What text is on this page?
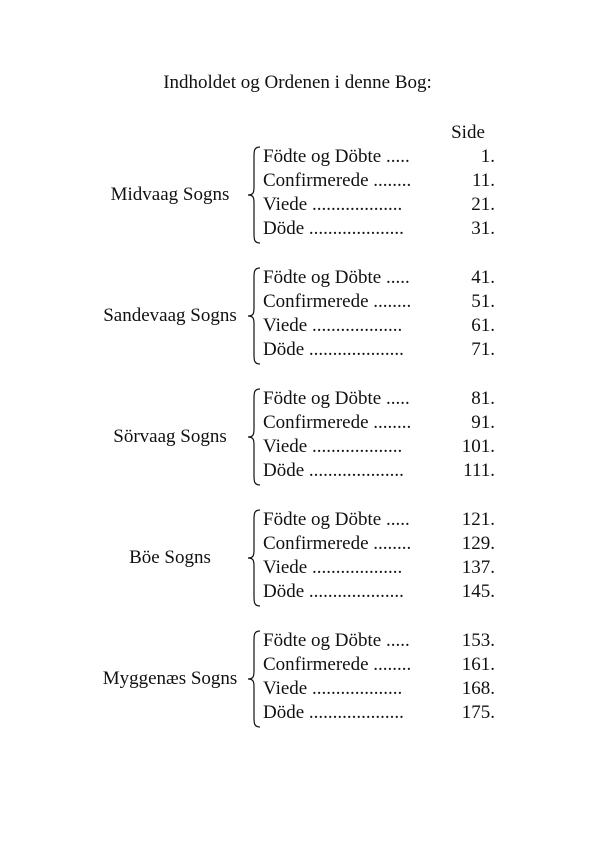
Indholdet og Ordenen i denne Bog:
Side
Midvaag Sogns
Födte og Döbte .....	1.
Confirmerede ........	11.
Viede ...................	21.
Döde ....................	31.
Sandevaag Sogns
Födte og Döbte .....	41.
Confirmerede ........	51.
Viede ...................	61.
Döde ....................	71.
Sörvaag Sogns
Födte og Döbte .....	81.
Confirmerede ........	91.
Viede ...................	101.
Döde ....................	111.
Böe Sogns
Födte og Döbte .....	121.
Confirmerede ........	129.
Viede ...................	137.
Döde ....................	145.
Myggenæs Sogns
Födte og Döbte .....	153.
Confirmerede ........	161.
Viede ...................	168.
Döde ....................	175.
